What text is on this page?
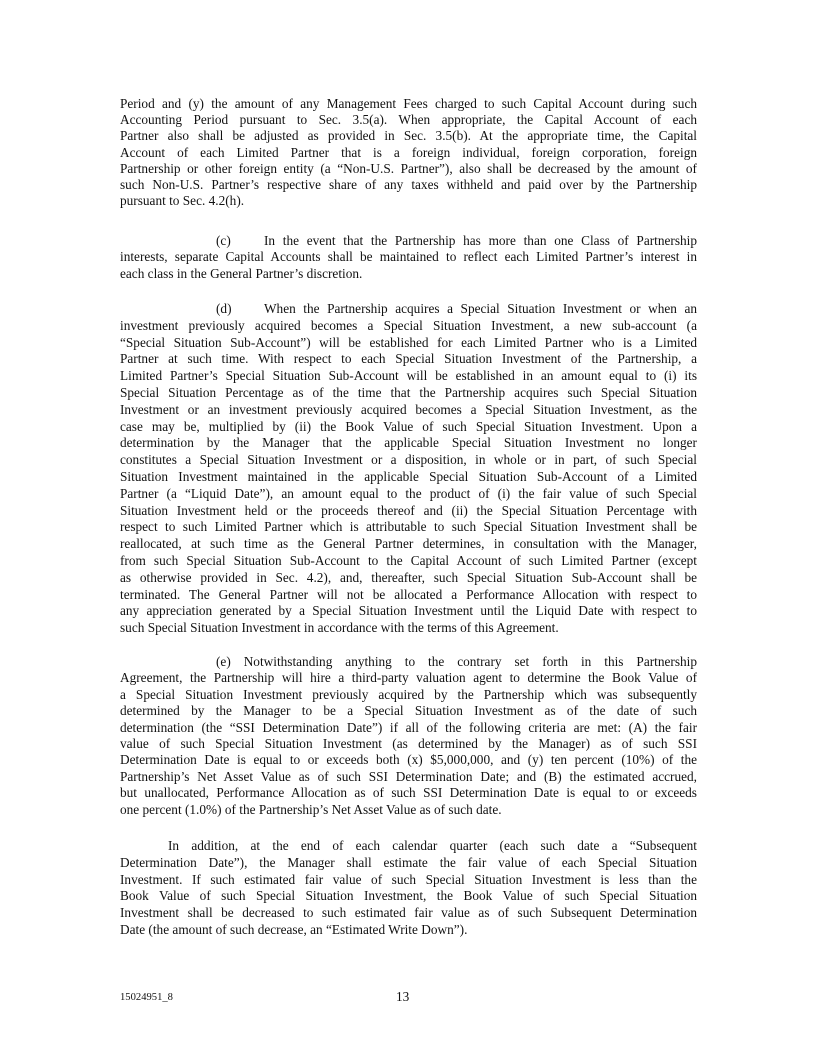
Period and (y) the amount of any Management Fees charged to such Capital Account during such
Accounting Period pursuant to Sec. 3.5(a). When appropriate, the Capital Account of each
Partner also shall be adjusted as provided in Sec. 3.5(b). At the appropriate time, the Capital
Account of each Limited Partner that is a foreign individual, foreign corporation, foreign
Partnership or other foreign entity (a “Non-U.S. Partner”), also shall be decreased by the amount of
such Non-U.S. Partner’s respective share of any taxes withheld and paid over by the Partnership
pursuant to Sec. 4.2(h).
(c) In the event that the Partnership has more than one Class of Partnership
interests, separate Capital Accounts shall be maintained to reflect each Limited Partner’s interest in
each class in the General Partner’s discretion.
(d) When the Partnership acquires a Special Situation Investment or when an
investment previously acquired becomes a Special Situation Investment, a new sub-account (a
“Special Situation Sub-Account”) will be established for each Limited Partner who is a Limited
Partner at such time. With respect to each Special Situation Investment of the Partnership, a
Limited Partner’s Special Situation Sub-Account will be established in an amount equal to (i) its
Special Situation Percentage as of the time that the Partnership acquires such Special Situation
Investment or an investment previously acquired becomes a Special Situation Investment, as the
case may be, multiplied by (ii) the Book Value of such Special Situation Investment. Upon a
determination by the Manager that the applicable Special Situation Investment no longer
constitutes a Special Situation Investment or a disposition, in whole or in part, of such Special
Situation Investment maintained in the applicable Special Situation Sub-Account of a Limited
Partner (a “Liquid Date”), an amount equal to the product of (i) the fair value of such Special
Situation Investment held or the proceeds thereof and (ii) the Special Situation Percentage with
respect to such Limited Partner which is attributable to such Special Situation Investment shall be
reallocated, at such time as the General Partner determines, in consultation with the Manager,
from such Special Situation Sub-Account to the Capital Account of such Limited Partner (except
as otherwise provided in Sec. 4.2), and, thereafter, such Special Situation Sub-Account shall be
terminated. The General Partner will not be allocated a Performance Allocation with respect to
any appreciation generated by a Special Situation Investment until the Liquid Date with respect to
such Special Situation Investment in accordance with the terms of this Agreement.
(e) Notwithstanding anything to the contrary set forth in this Partnership
Agreement, the Partnership will hire a third-party valuation agent to determine the Book Value of
a Special Situation Investment previously acquired by the Partnership which was subsequently
determined by the Manager to be a Special Situation Investment as of the date of such
determination (the “SSI Determination Date”) if all of the following criteria are met: (A) the fair
value of such Special Situation Investment (as determined by the Manager) as of such SSI
Determination Date is equal to or exceeds both (x) $5,000,000, and (y) ten percent (10%) of the
Partnership’s Net Asset Value as of such SSI Determination Date; and (B) the estimated accrued,
but unallocated, Performance Allocation as of such SSI Determination Date is equal to or exceeds
one percent (1.0%) of the Partnership’s Net Asset Value as of such date.
In addition, at the end of each calendar quarter (each such date a “Subsequent
Determination Date”), the Manager shall estimate the fair value of each Special Situation
Investment. If such estimated fair value of such Special Situation Investment is less than the
Book Value of such Special Situation Investment, the Book Value of such Special Situation
Investment shall be decreased to such estimated fair value as of such Subsequent Determination
Date (the amount of such decrease, an “Estimated Write Down”).
15024951_8	13
